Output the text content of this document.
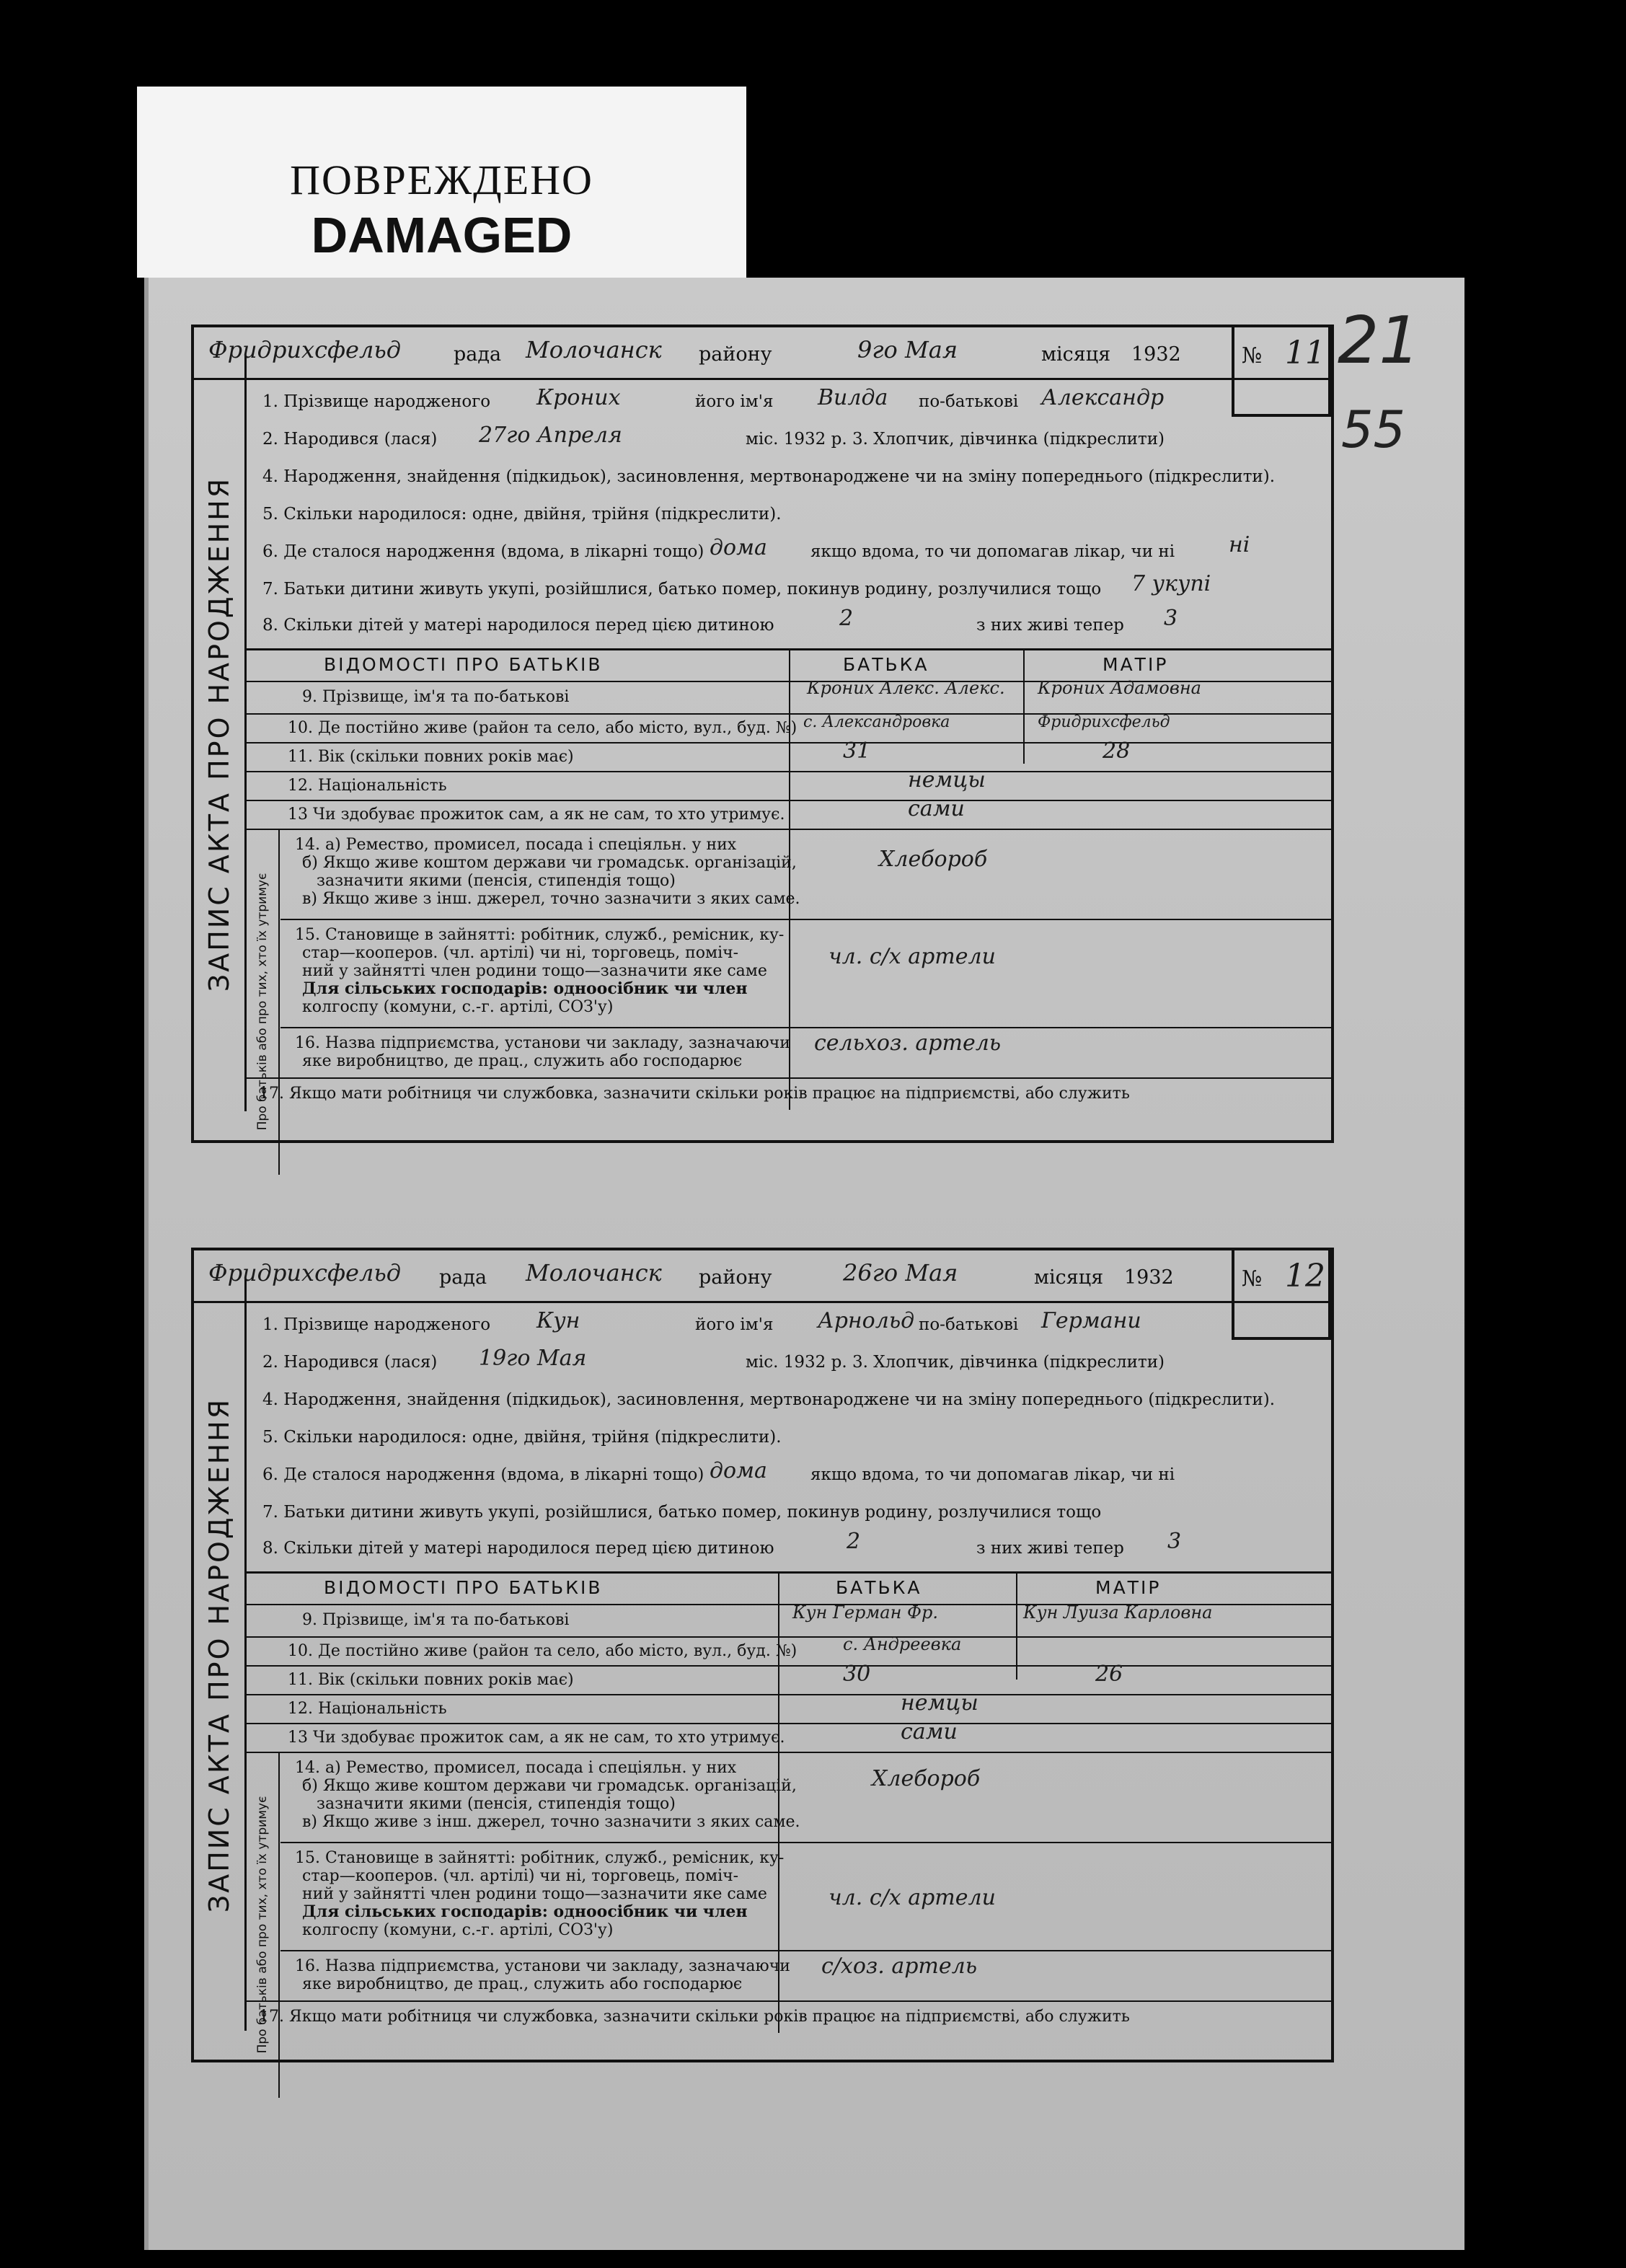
ПОВРЕЖДЕНО
DAMAGED
21
55
Фридрихсфельд	рада Молочанск району	9го Мая	місяця 1932	№ 11
ЗАПИС АКТА ПРО НАРОДЖЕННЯ
1. Прізвище народженого Кроних	його ім'я Вилда по-батькові Александр
2. Народився (лася) 27го Апреля	міс. 1932 р. 3. Хлопчик, дівчинка (підкреслити)
4. Народження, знайдення (підкидьок), засиновлення, мертвонароджене чи на зміну попереднього (підкреслити).
5. Скільки народилося: одне, двійня, трійня (підкреслити).
6. Де сталося народження (вдома, в лікарні тощо) дома	якщо вдома, то чи допомагав лікар, чи ні ні
7. Батьки дитини живуть укупі, розійшлися, батько помер, покинув родину, розлучилися тощо 7 укупі
8. Скільки дітей у матері народилося перед цією дитиною	2	з них живі тепер 3
ВІДОМОСТІ ПРО БАТЬКІВ	БАТЬКА	МАТІР
9. Прізвище, ім'я та по-батькові	Кроних Алекс. Алекс. Кроних Адамовна
10. Де постійно живе (район та село, або місто, вул., буд. №) с. Александровка	Фридрихсфельд
11. Вік (скільки повних років має)	31	28
12. Національність	немцы
13 Чи здобуває прожиток сам, а як не сам, то хто утримує.	сами
Про батьків або про тих, хто їх утримує
14. а) Ремество, промисел, посада і спеціяльн. у них
б) Якщо живе коштом держави чи громадськ. організацій,
зазначити якими (пенсія, стипендія тощо)
в) Якщо живе з інш. джерел, точно зазначити з яких саме.
Хлебороб
15. Становище в зайнятті: робітник, служб., ремісник, ку-
стар—кооперов. (чл. артілі) чи ні, торговець, поміч-
ний у зайнятті член родини тощо—зазначити яке саме
Для сільських господарів: одноосібник чи член
колгоспу (комуни, с.-г. артілі, СОЗ'у)
чл. с/х артели
16. Назва підприємства, установи чи закладу, зазначаючи
яке виробництво, де прац., служить або господарює
сельхоз. артель
17. Якщо мати робітниця чи службовка, зазначити скільки років працює на підприємстві, або служить
Фридрихсфельд рада Молочанск району	26го Мая	місяця 1932	№ 12
ЗАПИС АКТА ПРО НАРОДЖЕННЯ
1. Прізвище народженого Кун	його ім'я Арнольд по-батькові Германи
2. Народився (лася) 19го Мая	міс. 1932 р. 3. Хлопчик, дівчинка (підкреслити)
4. Народження, знайдення (підкидьок), засиновлення, мертвонароджене чи на зміну попереднього (підкреслити).
5. Скільки народилося: одне, двійня, трійня (підкреслити).
6. Де сталося народження (вдома, в лікарні тощо) дома	якщо вдома, то чи допомагав лікар, чи ні
7. Батьки дитини живуть укупі, розійшлися, батько помер, покинув родину, розлучилися тощо
8. Скільки дітей у матері народилося перед цією дитиною	2	з них живі тепер 3
ВІДОМОСТІ ПРО БАТЬКІВ	БАТЬКА	МАТІР
9. Прізвище, ім'я та по-батькові	Кун Герман Фр.	Кун Луиза Карловна
10. Де постійно живе (район та село, або місто, вул., буд. №)	с. Андреевка
11. Вік (скільки повних років має)	30	26
12. Національність	немцы
13 Чи здобуває прожиток сам, а як не сам, то хто утримує.	сами
Про батьків або про тих, хто їх утримує
14. а) Ремество, промисел, посада і спеціяльн. у них
б) Якщо живе коштом держави чи громадськ. організацій,
зазначити якими (пенсія, стипендія тощо)
в) Якщо живе з інш. джерел, точно зазначити з яких саме.
Хлебороб
15. Становище в зайнятті: робітник, служб., ремісник, ку-
стар—кооперов. (чл. артілі) чи ні, торговець, поміч-
ний у зайнятті член родини тощо—зазначити яке саме
Для сільських господарів: одноосібник чи член
колгоспу (комуни, с.-г. артілі, СОЗ'у)
чл. с/х артели
16. Назва підприємства, установи чи закладу, зазначаючи
яке виробництво, де прац., служить або господарює
с/хоз. артель
17. Якщо мати робітниця чи службовка, зазначити скільки років працює на підприємстві, або служить
